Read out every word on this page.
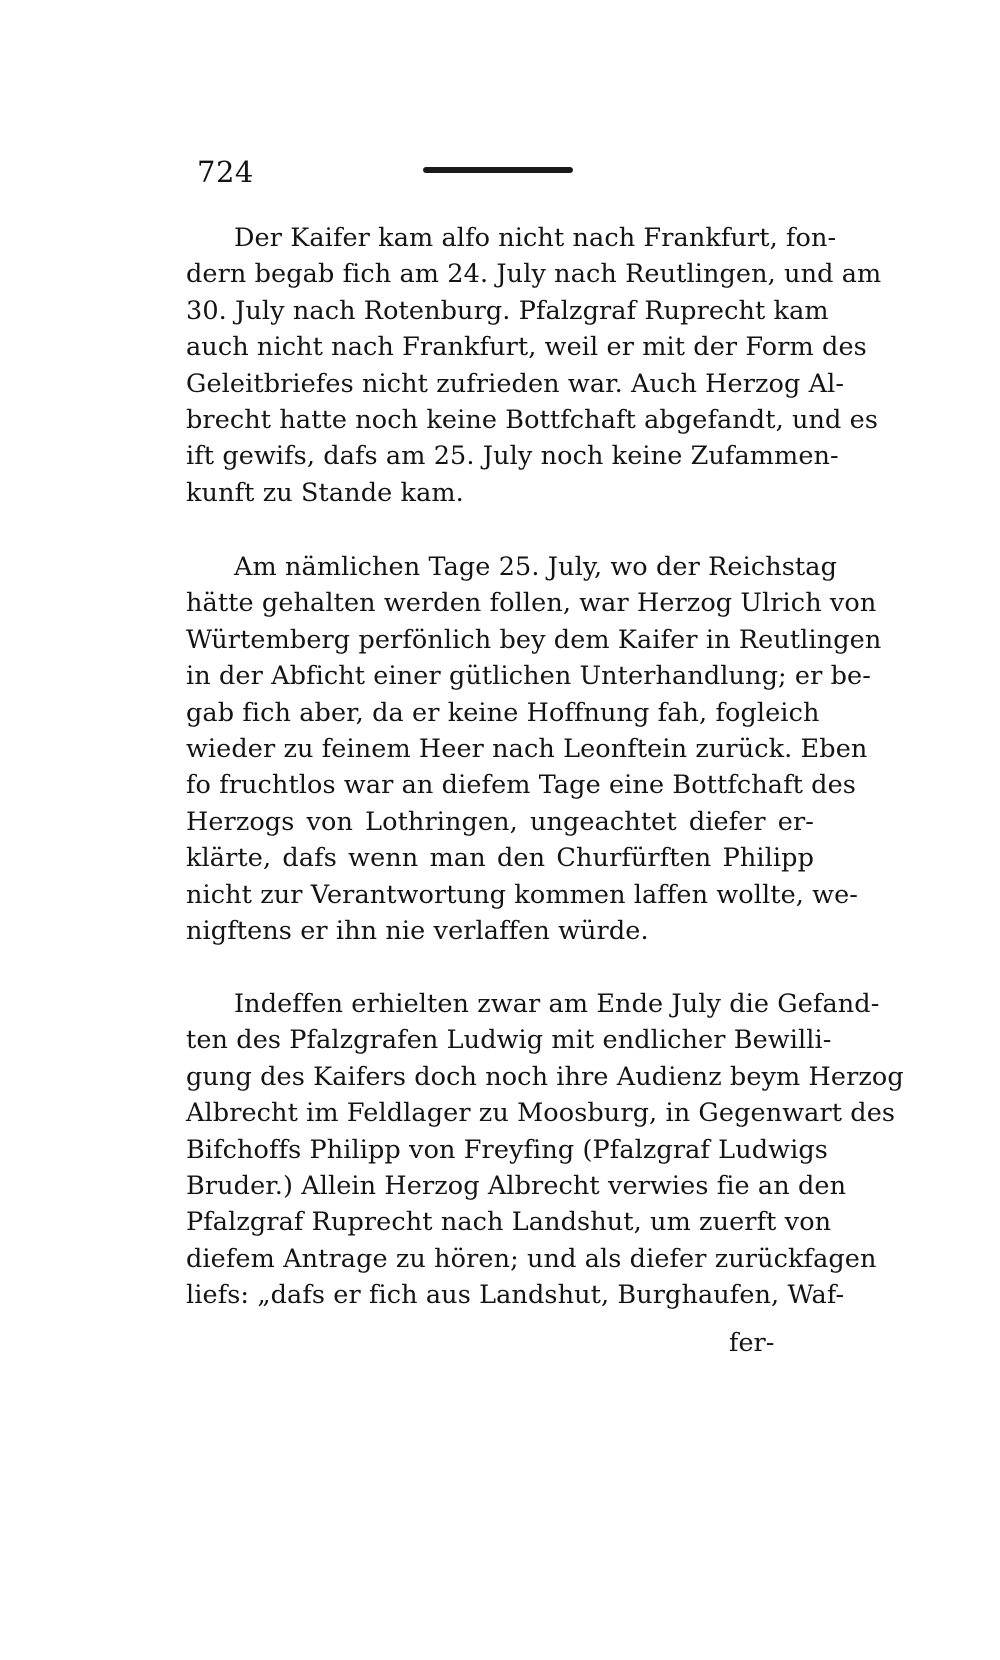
724
Der Kaifer kam alfo nicht nach Frankfurt, fon-
dern begab fich am 24. July nach Reutlingen, und am
30. July nach Rotenburg. Pfalzgraf Ruprecht kam
auch nicht nach Frankfurt, weil er mit der Form des
Geleitbriefes nicht zufrieden war. Auch Herzog Al-
brecht hatte noch keine Bottfchaft abgefandt, und es
ift gewifs, dafs am 25. July noch keine Zufammen-
kunft zu Stande kam.
Am nämlichen Tage 25. July, wo der Reichstag
hätte gehalten werden follen, war Herzog Ulrich von
Würtemberg perfönlich bey dem Kaifer in Reutlingen
in der Abficht einer gütlichen Unterhandlung; er be-
gab fich aber, da er keine Hoffnung fah, fogleich
wieder zu feinem Heer nach Leonftein zurück. Eben
fo fruchtlos war an diefem Tage eine Bottfchaft des
Herzogs von Lothringen, ungeachtet diefer er-
klärte, dafs wenn man den Churfürften Philipp
nicht zur Verantwortung kommen laffen wollte, we-
nigftens er ihn nie verlaffen würde.
Indeffen erhielten zwar am Ende July die Gefand-
ten des Pfalzgrafen Ludwig mit endlicher Bewilli-
gung des Kaifers doch noch ihre Audienz beym Herzog
Albrecht im Feldlager zu Moosburg, in Gegenwart des
Bifchoffs Philipp von Freyfing (Pfalzgraf Ludwigs
Bruder.) Allein Herzog Albrecht verwies fie an den
Pfalzgraf Ruprecht nach Landshut, um zuerft von
diefem Antrage zu hören; und als diefer zurückfagen
liefs: „dafs er fich aus Landshut, Burghaufen, Waf-
fer-
